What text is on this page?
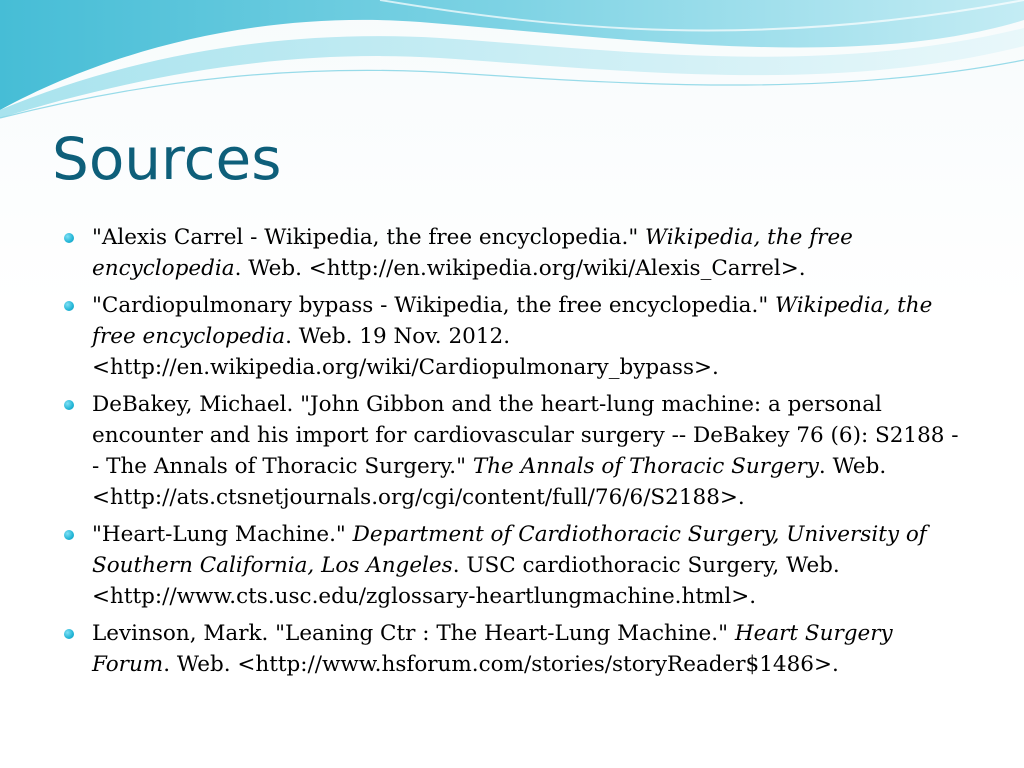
Sources
"Alexis Carrel - Wikipedia, the free encyclopedia." Wikipedia, the free encyclopedia. Web. <http://en.wikipedia.org/wiki/Alexis_Carrel>.
"Cardiopulmonary bypass - Wikipedia, the free encyclopedia." Wikipedia, the free encyclopedia. Web. 19 Nov. 2012. <http://en.wikipedia.org/wiki/Cardiopulmonary_bypass>.
DeBakey, Michael. "John Gibbon and the heart-lung machine: a personal encounter and his import for cardiovascular surgery -- DeBakey 76 (6): S2188 -- The Annals of Thoracic Surgery." The Annals of Thoracic Surgery. Web. <http://ats.ctsnetjournals.org/cgi/content/full/76/6/S2188>.
"Heart-Lung Machine." Department of Cardiothoracic Surgery, University of Southern California, Los Angeles. USC cardiothoracic Surgery, Web. <http://www.cts.usc.edu/zglossary-heartlungmachine.html>.
Levinson, Mark. "Leaning Ctr : The Heart-Lung Machine." Heart Surgery Forum. Web. <http://www.hsforum.com/stories/storyReader$1486>.
